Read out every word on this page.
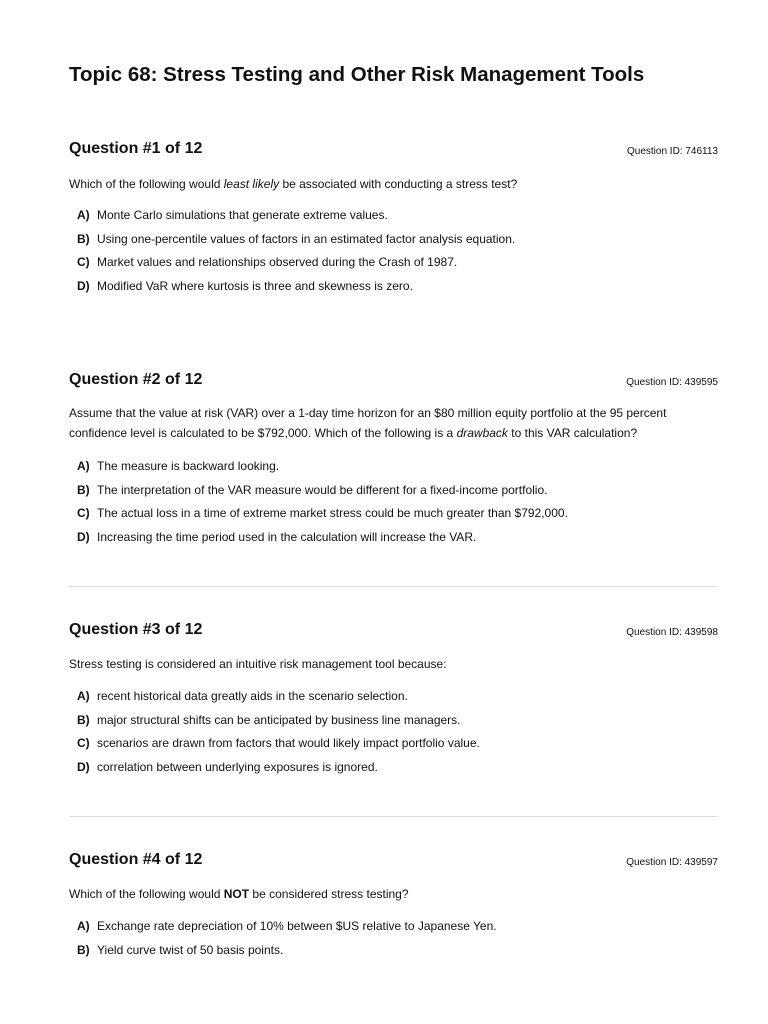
Topic 68: Stress Testing and Other Risk Management Tools
Question #1 of 12	Question ID: 746113

Which of the following would least likely be associated with conducting a stress test?

A) Monte Carlo simulations that generate extreme values.
B) Using one-percentile values of factors in an estimated factor analysis equation.
C) Market values and relationships observed during the Crash of 1987.
D) Modified VaR where kurtosis is three and skewness is zero.
Question #2 of 12	Question ID: 439595

Assume that the value at risk (VAR) over a 1-day time horizon for an $80 million equity portfolio at the 95 percent confidence level is calculated to be $792,000. Which of the following is a drawback to this VAR calculation?

A) The measure is backward looking.
B) The interpretation of the VAR measure would be different for a fixed-income portfolio.
C) The actual loss in a time of extreme market stress could be much greater than $792,000.
D) Increasing the time period used in the calculation will increase the VAR.
Question #3 of 12	Question ID: 439598

Stress testing is considered an intuitive risk management tool because:

A) recent historical data greatly aids in the scenario selection.
B) major structural shifts can be anticipated by business line managers.
C) scenarios are drawn from factors that would likely impact portfolio value.
D) correlation between underlying exposures is ignored.
Question #4 of 12	Question ID: 439597

Which of the following would NOT be considered stress testing?

A) Exchange rate depreciation of 10% between $US relative to Japanese Yen.
B) Yield curve twist of 50 basis points.
